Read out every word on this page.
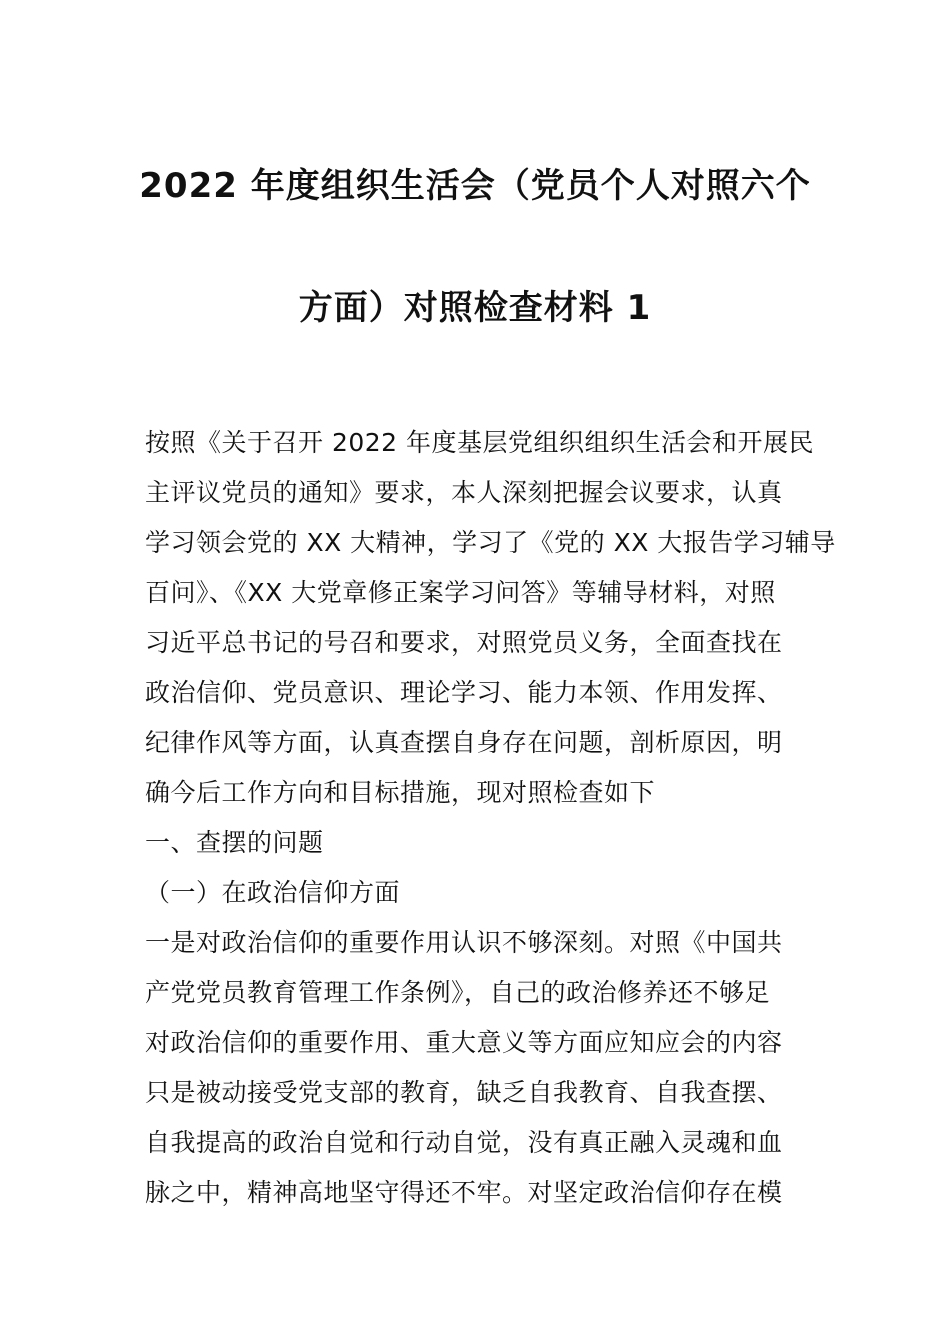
2022 年度组织生活会（党员个人对照六个
方面）对照检查材料 1
按照《关于召开 2022 年度基层党组织组织生活会和开展民
主评议党员的通知》要求，本人深刻把握会议要求，认真
学习领会党的 XX 大精神，学习了《党的 XX 大报告学习辅导
百问》、《XX 大党章修正案学习问答》等辅导材料，对照
习近平总书记的号召和要求，对照党员义务，全面查找在
政治信仰、党员意识、理论学习、能力本领、作用发挥、
纪律作风等方面，认真查摆自身存在问题，剖析原因，明
确今后工作方向和目标措施，现对照检查如下
一、查摆的问题
（一）在政治信仰方面
一是对政治信仰的重要作用认识不够深刻。对照《中国共
产党党员教育管理工作条例》，自己的政治修养还不够足
对政治信仰的重要作用、重大意义等方面应知应会的内容
只是被动接受党支部的教育，缺乏自我教育、自我查摆、
自我提高的政治自觉和行动自觉，没有真正融入灵魂和血
脉之中，精神高地坚守得还不牢。对坚定政治信仰存在模
